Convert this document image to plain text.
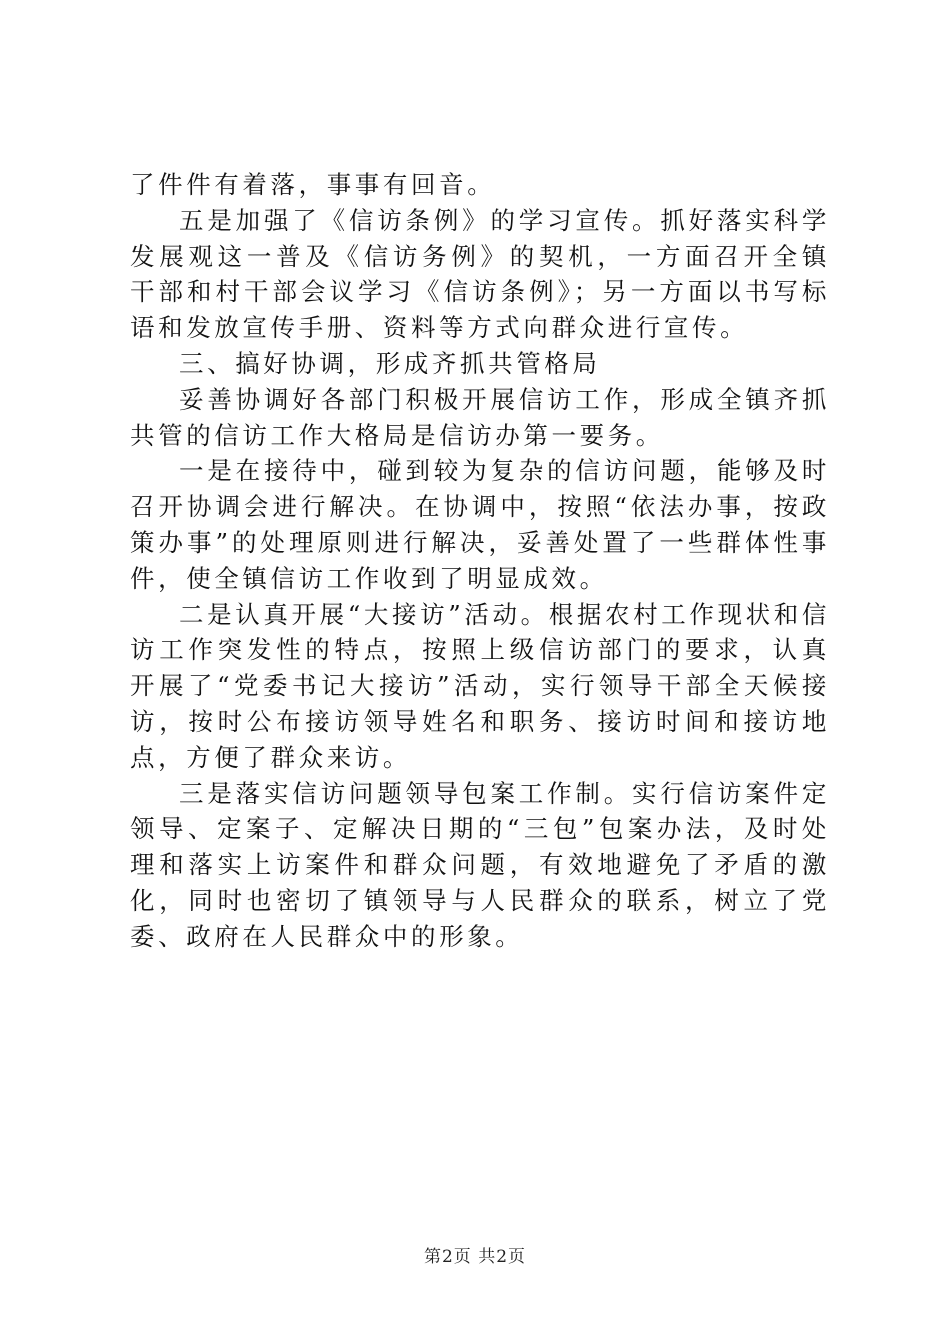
了件件有着落，事事有回音。

五是加强了《信访条例》的学习宣传。抓好落实科学发展观这一普及《信访务例》的契机，一方面召开全镇干部和村干部会议学习《信访条例》；另一方面以书写标语和发放宣传手册、资料等方式向群众进行宣传。

三、搞好协调，形成齐抓共管格局

妥善协调好各部门积极开展信访工作，形成全镇齐抓共管的信访工作大格局是信访办第一要务。

一是在接待中，碰到较为复杂的信访问题，能够及时召开协调会进行解决。在协调中，按照“依法办事，按政策办事”的处理原则进行解决，妥善处置了一些群体性事件，使全镇信访工作收到了明显成效。

二是认真开展“大接访”活动。根据农村工作现状和信访工作突发性的特点，按照上级信访部门的要求，认真开展了“党委书记大接访”活动，实行领导干部全天候接访，按时公布接访领导姓名和职务、接访时间和接访地点，方便了群众来访。

三是落实信访问题领导包案工作制。实行信访案件定领导、定案子、定解决日期的“三包”包案办法，及时处理和落实上访案件和群众问题，有效地避免了矛盾的激化，同时也密切了镇领导与人民群众的联系，树立了党委、政府在人民群众中的形象。

第2页 共2页
